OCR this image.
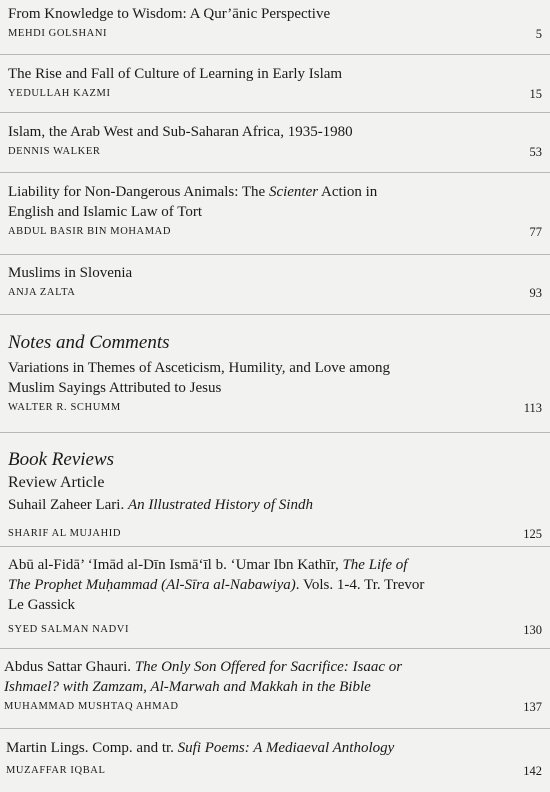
From Knowledge to Wisdom: A Qur’ānic Perspective
MEHDI GOLSHANI	5
The Rise and Fall of Culture of Learning in Early Islam
YEDULLAH KAZMI	15
Islam, the Arab West and Sub-Saharan Africa, 1935-1980
DENNIS WALKER	53
Liability for Non-Dangerous Animals: The Scienter Action in
English and Islamic Law of Tort
ABDUL BASIR BIN MOHAMAD	77
Muslims in Slovenia
ANJA ZALTA	93
Notes and Comments
Variations in Themes of Asceticism, Humility, and Love among
Muslim Sayings Attributed to Jesus
WALTER R. SCHUMM	113
Book Reviews
Review Article
Suhail Zaheer Lari. An Illustrated History of Sindh
SHARIF AL MUJAHID	125
Abū al-Fidā’ ‘Imād al-Dīn Ismā‘īl b. ‘Umar Ibn Kathīr, The Life of
The Prophet Muḥammad (Al-Sīra al-Nabawiya). Vols. 1-4. Tr. Trevor
Le Gassick
SYED SALMAN NADVI	130
Abdus Sattar Ghauri. The Only Son Offered for Sacrifice: Isaac or
Ishmael? with Zamzam, Al-Marwah and Makkah in the Bible
MUHAMMAD MUSHTAQ AHMAD	137
Martin Lings. Comp. and tr. Sufi Poems: A Mediaeval Anthology
MUZAFFAR IQBAL	142
